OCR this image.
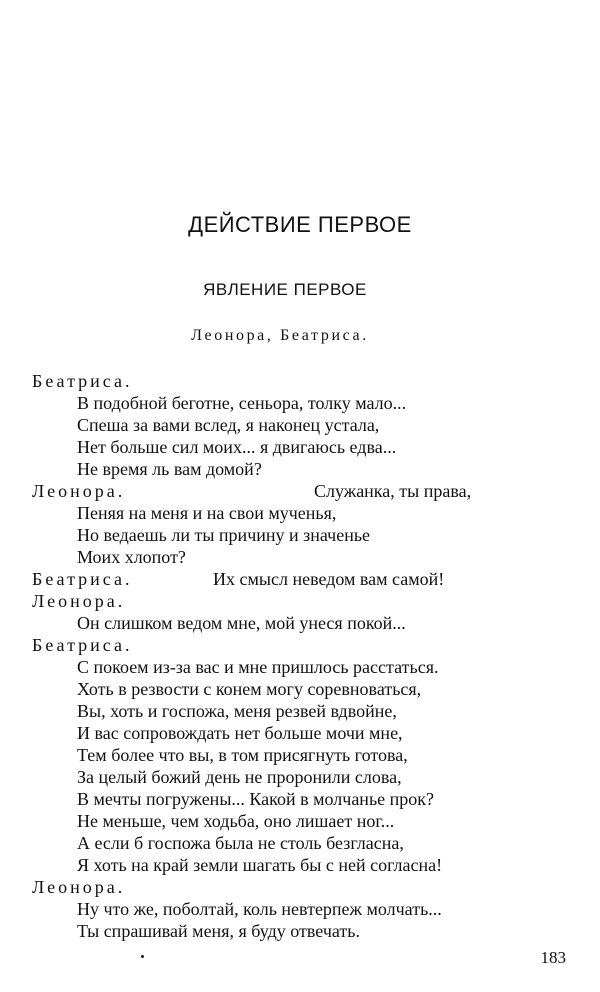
ДЕЙСТВИЕ ПЕРВОЕ
ЯВЛЕНИЕ ПЕРВОЕ

Леонора, Беатриса.

Беатриса.
В подобной беготне, сеньора, толку мало...
Спеша за вами вслед, я наконец устала,
Нет больше сил моих... я двигаюсь едва...
Не время ль вам домой?
Леонора.	Служанка, ты права,
Пеняя на меня и на свои мученья,
Но ведаешь ли ты причину и значенье
Моих хлопот?
Беатриса.	Их смысл неведом вам самой!
Леонора.
Он слишком ведом мне, мой унеся покой...
Беатриса.
С покоем из-за вас и мне пришлось расстаться.
Хоть в резвости с конем могу соревноваться,
Вы, хоть и госпожа, меня резвей вдвойне,
И вас сопровождать нет больше мочи мне,
Тем более что вы, в том присягнуть готова,
За целый божий день не проронили слова,
В мечты погружены... Какой в молчанье прок?
Не меньше, чем ходьба, оно лишает ног...
А если б госпожа была не столь безгласна,
Я хоть на край земли шагать бы с ней согласна!
Леонора.
Ну что же, поболтай, коль невтерпеж молчать...
Ты спрашивай меня, я буду отвечать.
183
